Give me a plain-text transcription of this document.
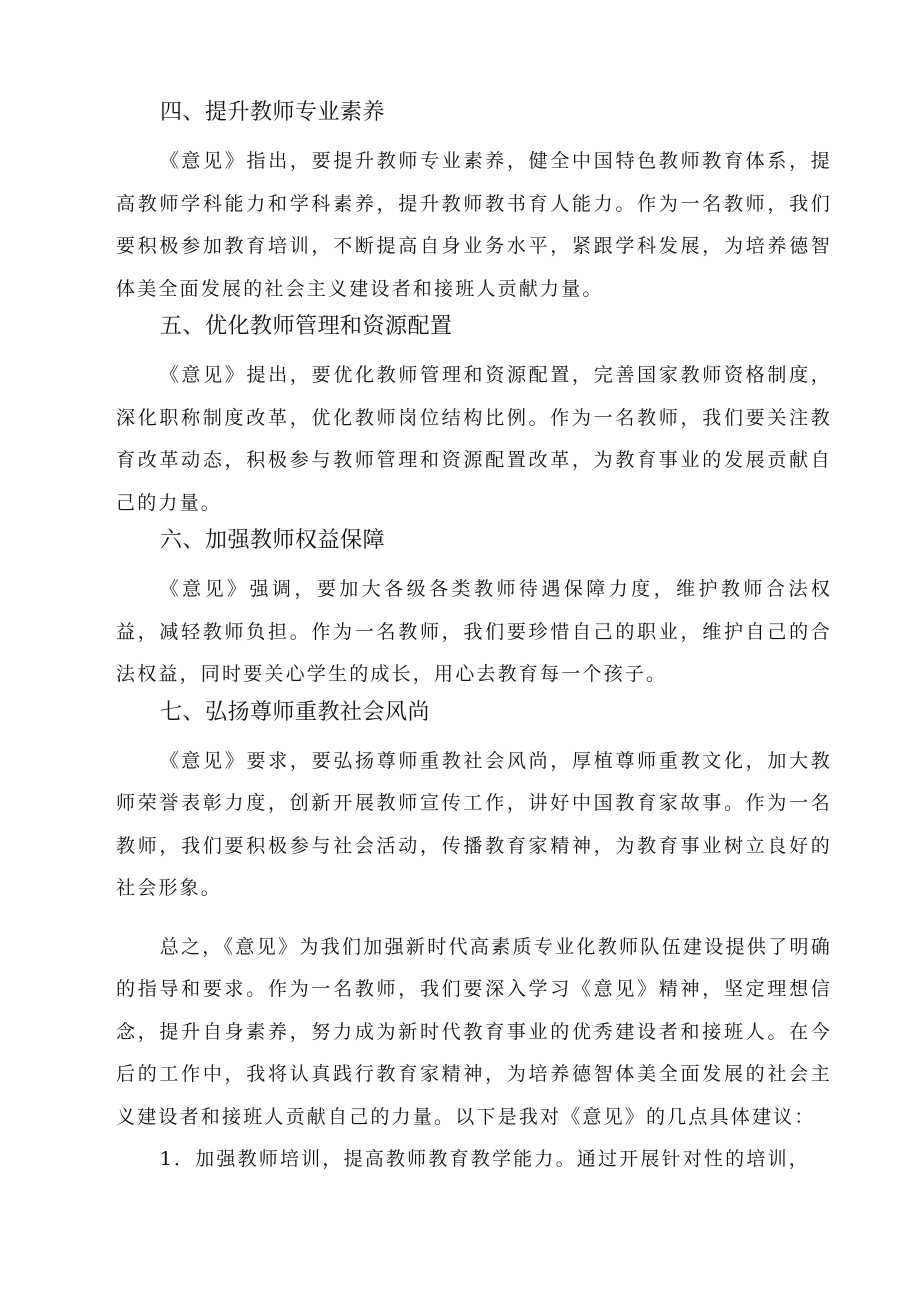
四、提升教师专业素养

《意见》指出，要提升教师专业素养，健全中国特色教师教育体系，提高教师学科能力和学科素养，提升教师教书育人能力。作为一名教师，我们要积极参加教育培训，不断提高自身业务水平，紧跟学科发展，为培养德智体美全面发展的社会主义建设者和接班人贡献力量。

五、优化教师管理和资源配置

《意见》提出，要优化教师管理和资源配置，完善国家教师资格制度，深化职称制度改革，优化教师岗位结构比例。作为一名教师，我们要关注教育改革动态，积极参与教师管理和资源配置改革，为教育事业的发展贡献自己的力量。

六、加强教师权益保障

《意见》强调，要加大各级各类教师待遇保障力度，维护教师合法权益，减轻教师负担。作为一名教师，我们要珍惜自己的职业，维护自己的合法权益，同时要关心学生的成长，用心去教育每一个孩子。

七、弘扬尊师重教社会风尚

《意见》要求，要弘扬尊师重教社会风尚，厚植尊师重教文化，加大教师荣誉表彰力度，创新开展教师宣传工作，讲好中国教育家故事。作为一名教师，我们要积极参与社会活动，传播教育家精神，为教育事业树立良好的社会形象。

总之，《意见》为我们加强新时代高素质专业化教师队伍建设提供了明确的指导和要求。作为一名教师，我们要深入学习《意见》精神，坚定理想信念，提升自身素养，努力成为新时代教育事业的优秀建设者和接班人。在今后的工作中，我将认真践行教育家精神，为培养德智体美全面发展的社会主义建设者和接班人贡献自己的力量。以下是我对《意见》的几点具体建议：

1．加强教师培训，提高教师教育教学能力。通过开展针对性的培训，
